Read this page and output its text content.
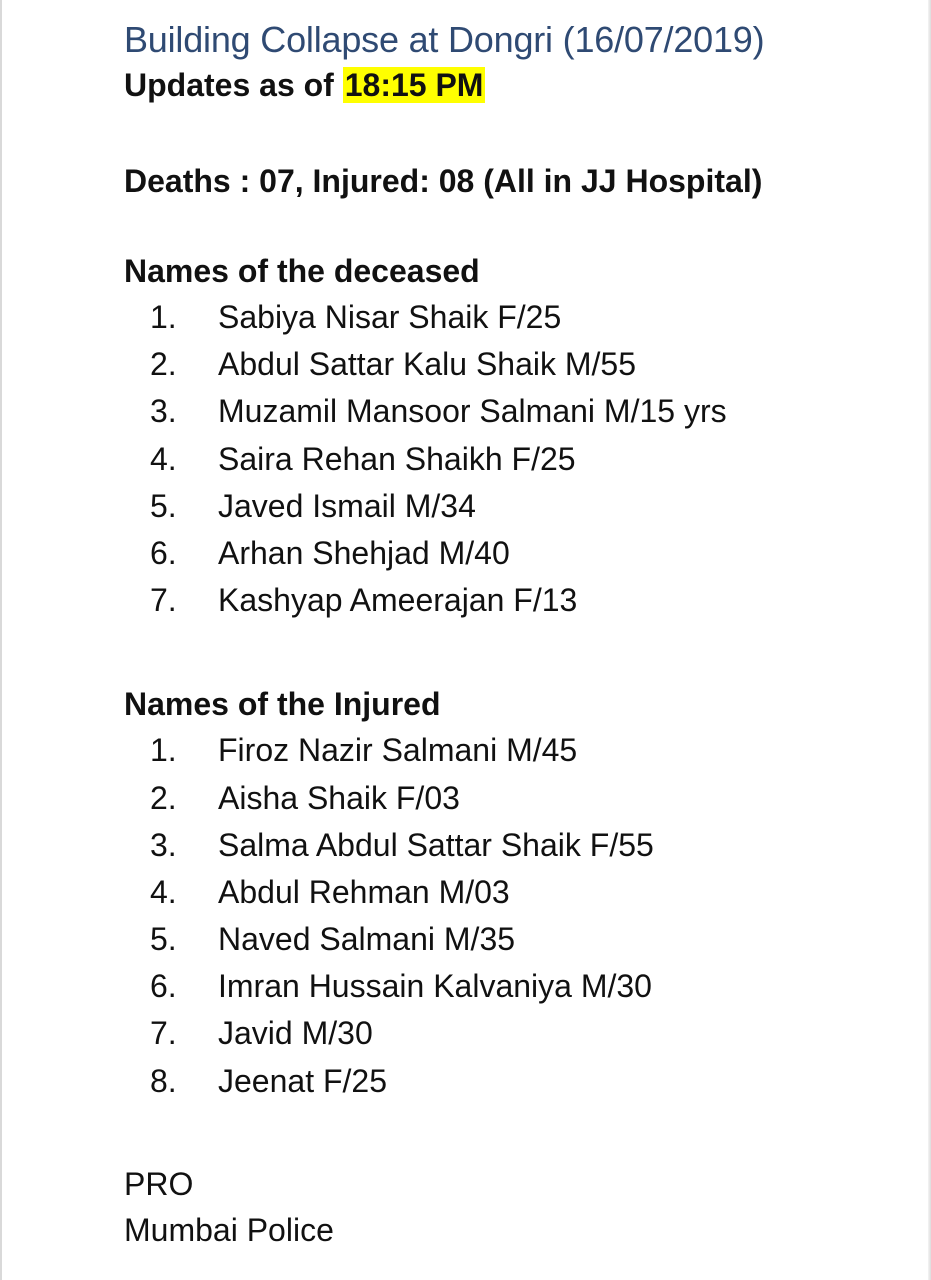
Building Collapse at Dongri (16/07/2019)
Updates as of 18:15 PM
Deaths : 07, Injured: 08 (All in JJ Hospital)
Names of the deceased
1. Sabiya Nisar Shaik F/25
2. Abdul Sattar Kalu Shaik M/55
3. Muzamil Mansoor Salmani M/15 yrs
4. Saira Rehan Shaikh F/25
5. Javed Ismail M/34
6. Arhan Shehjad M/40
7. Kashyap Ameerajan F/13
Names of the Injured
1. Firoz Nazir Salmani M/45
2. Aisha Shaik F/03
3. Salma Abdul Sattar Shaik F/55
4. Abdul Rehman M/03
5. Naved Salmani M/35
6. Imran Hussain Kalvaniya M/30
7. Javid M/30
8. Jeenat F/25
PRO
Mumbai Police
